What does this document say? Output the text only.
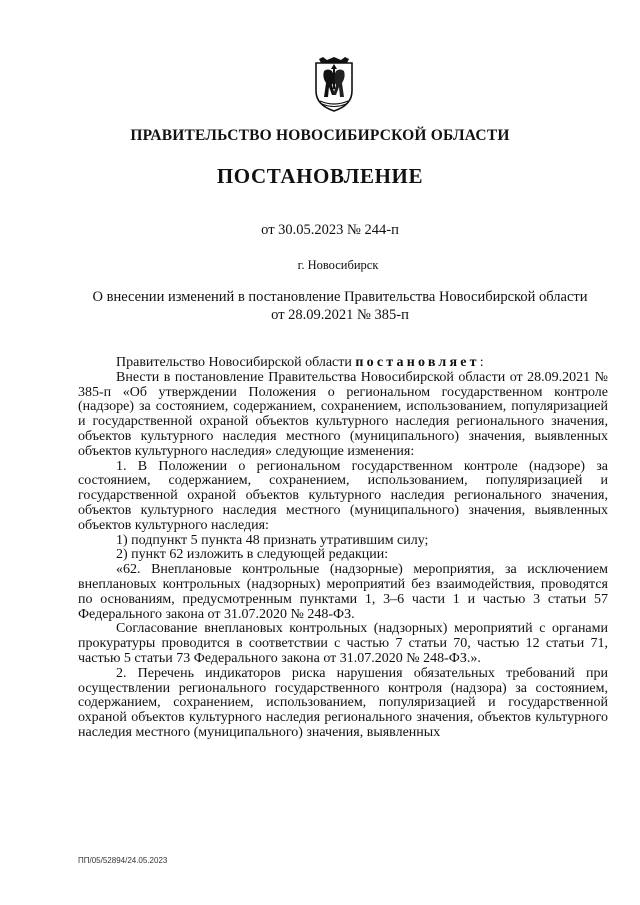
ПРАВИТЕЛЬСТВО НОВОСИБИРСКОЙ ОБЛАСТИ
ПОСТАНОВЛЕНИЕ
от 30.05.2023 № 244-п
г. Новосибирск
О внесении изменений в постановление Правительства Новосибирской области
от 28.09.2021 № 385-п

Правительство Новосибирской области постановляет:

Внести в постановление Правительства Новосибирской области от 28.09.2021 № 385-п «Об утверждении Положения о региональном государственном контроле (надзоре) за состоянием, содержанием, сохранением, использованием, популяризацией и государственной охраной объектов культурного наследия регионального значения, объектов культурного наследия местного (муниципального) значения, выявленных объектов культурного наследия» следующие изменения:

1. В Положении о региональном государственном контроле (надзоре) за состоянием, содержанием, сохранением, использованием, популяризацией и государственной охраной объектов культурного наследия регионального значения, объектов культурного наследия местного (муниципального) значения, выявленных объектов культурного наследия:

1) подпункт 5 пункта 48 признать утратившим силу;

2) пункт 62 изложить в следующей редакции:

«62. Внеплановые контрольные (надзорные) мероприятия, за исключением внеплановых контрольных (надзорных) мероприятий без взаимодействия, проводятся по основаниям, предусмотренным пунктами 1, 3–6 части 1 и частью 3 статьи 57 Федерального закона от 31.07.2020 № 248-ФЗ.

Согласование внеплановых контрольных (надзорных) мероприятий с органами прокуратуры проводится в соответствии с частью 7 статьи 70, частью 12 статьи 71, частью 5 статьи 73 Федерального закона от 31.07.2020 № 248-ФЗ.».

2. Перечень индикаторов риска нарушения обязательных требований при осуществлении регионального государственного контроля (надзора) за состоянием, содержанием, сохранением, использованием, популяризацией и государственной охраной объектов культурного наследия регионального значения, объектов культурного наследия местного (муниципального) значения, выявленных

ПП/05/52894/24.05.2023
